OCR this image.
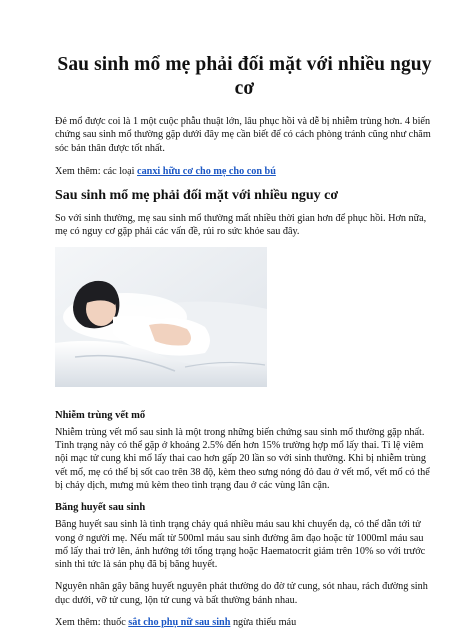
Sau sinh mổ mẹ phải đối mặt với nhiều nguy cơ

Đẻ mổ được coi là 1 một cuộc phẫu thuật lớn, lâu phục hồi và dễ bị nhiễm trùng hơn. 4 biến chứng sau sinh mổ thường gặp dưới đây mẹ cần biết để có cách phòng tránh cũng như chăm sóc bản thân được tốt nhất.

Xem thêm: các loại canxi hữu cơ cho mẹ cho con bú

Sau sinh mổ mẹ phải đối mặt với nhiều nguy cơ

So với sinh thường, mẹ sau sinh mổ thường mất nhiều thời gian hơn để phục hồi. Hơn nữa, mẹ có nguy cơ gặp phải các vấn đề, rủi ro sức khỏe sau đây.

Nhiễm trùng vết mổ

Nhiễm trùng vết mổ sau sinh là một trong những biến chứng sau sinh mổ thường gặp nhất. Tình trạng này có thể gặp ở khoảng 2.5% đến hơn 15% trường hợp mổ lấy thai. Tỉ lệ viêm nội mạc tử cung khi mổ lấy thai cao hơn gấp 20 lần so với sinh thường. Khi bị nhiễm trùng vết mổ, mẹ có thể bị sốt cao trên 38 độ, kèm theo sưng nóng đỏ đau ở vết mổ, vết mổ có thể bị chảy dịch, mưng mủ kèm theo tình trạng đau ở các vùng lân cận.

Băng huyết sau sinh

Băng huyết sau sinh là tình trạng chảy quá nhiều máu sau khi chuyển dạ, có thể dẫn tới tử vong ở người mẹ. Nếu mất từ 500ml máu sau sinh đường âm đạo hoặc từ 1000ml máu sau mổ lấy thai trở lên, ảnh hưởng tới tổng trạng hoặc Haematocrit giảm trên 10% so với trước sinh thì tức là sản phụ đã bị băng huyết.

Nguyên nhân gây băng huyết nguyên phát thường do đờ tử cung, sót nhau, rách đường sinh dục dưới, vỡ tử cung, lộn tử cung và bất thường bánh nhau.

Xem thêm: thuốc sắt cho phụ nữ sau sinh ngừa thiếu máu
